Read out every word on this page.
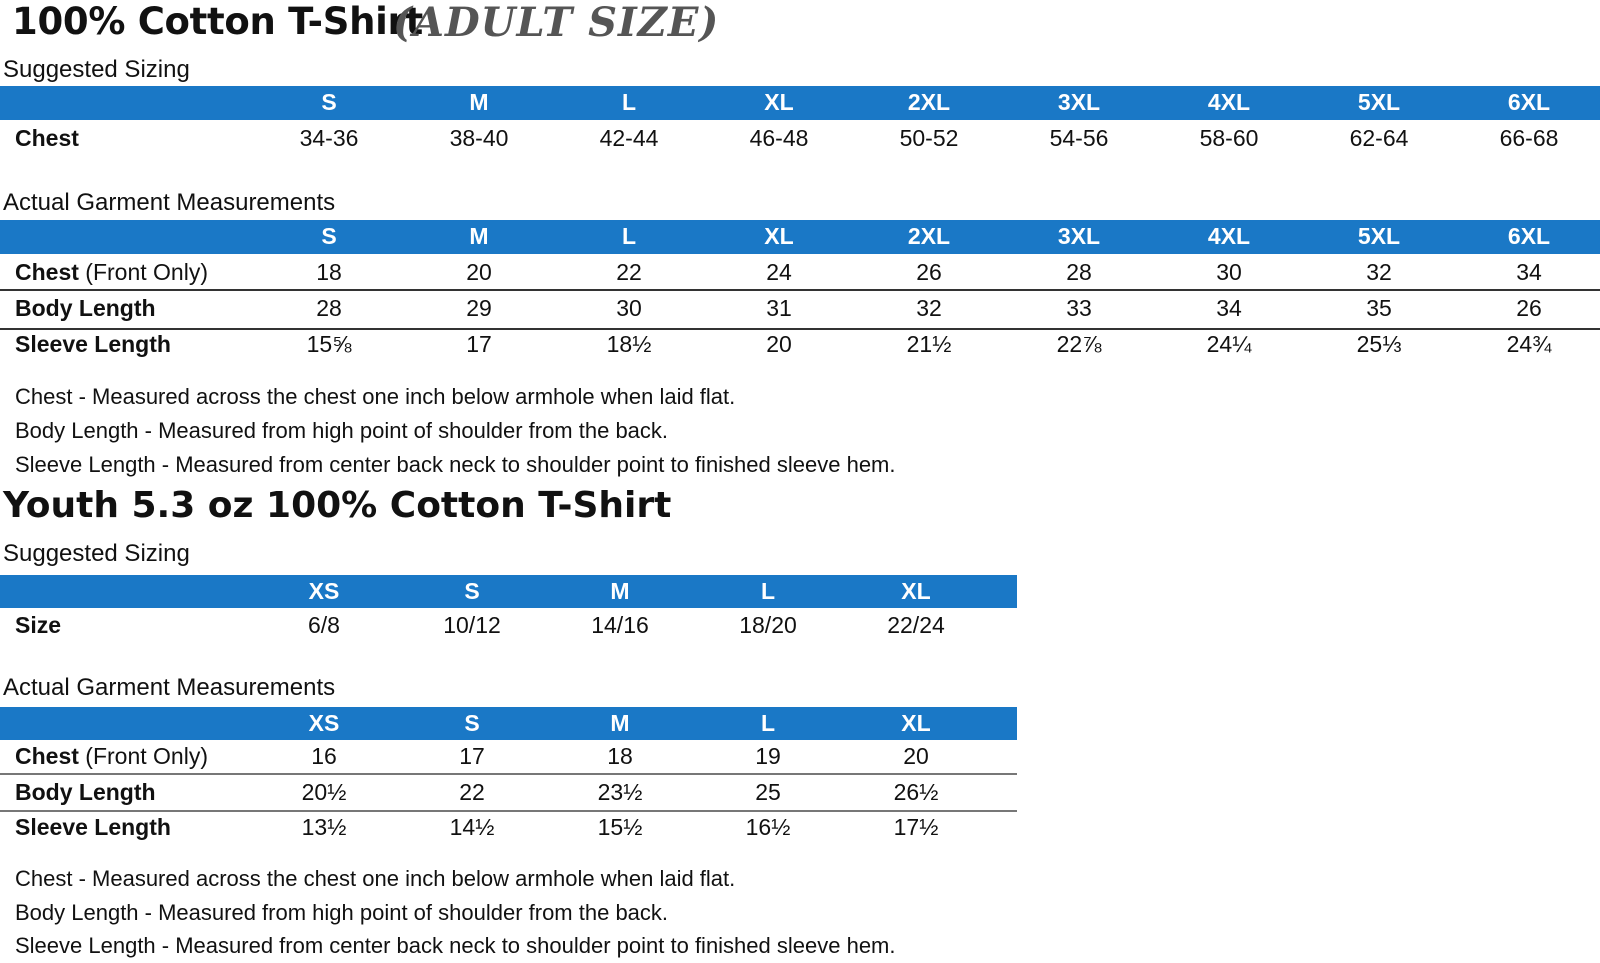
100% Cotton T-Shirt
(ADULT SIZE)
Suggested Sizing
S	M	L	XL	2XL	3XL	4XL	5XL	6XL
Chest	34-36	38-40	42-44	46-48	50-52	54-56	58-60	62-64	66-68
Actual Garment Measurements
S	M	L	XL	2XL	3XL	4XL	5XL	6XL
Chest (Front Only)	18	20	22	24	26	28	30	32	34
Body Length	28	29	30	31	32	33	34	35	26
Sleeve Length	15⅝	17	18½	20	21½	22⅞	24¼	25⅓	24¾
Chest - Measured across the chest one inch below armhole when laid flat.
Body Length - Measured from high point of shoulder from the back.
Sleeve Length - Measured from center back neck to shoulder point to finished sleeve hem.
Youth 5.3 oz 100% Cotton T-Shirt
Suggested Sizing
XS	S	M	L	XL
Size	6/8	10/12	14/16	18/20	22/24
Actual Garment Measurements
XS	S	M	L	XL
Chest (Front Only)	16	17	18	19	20
Body Length	20½	22	23½	25	26½
Sleeve Length	13½	14½	15½	16½	17½
Chest - Measured across the chest one inch below armhole when laid flat.
Body Length - Measured from high point of shoulder from the back.
Sleeve Length - Measured from center back neck to shoulder point to finished sleeve hem.
